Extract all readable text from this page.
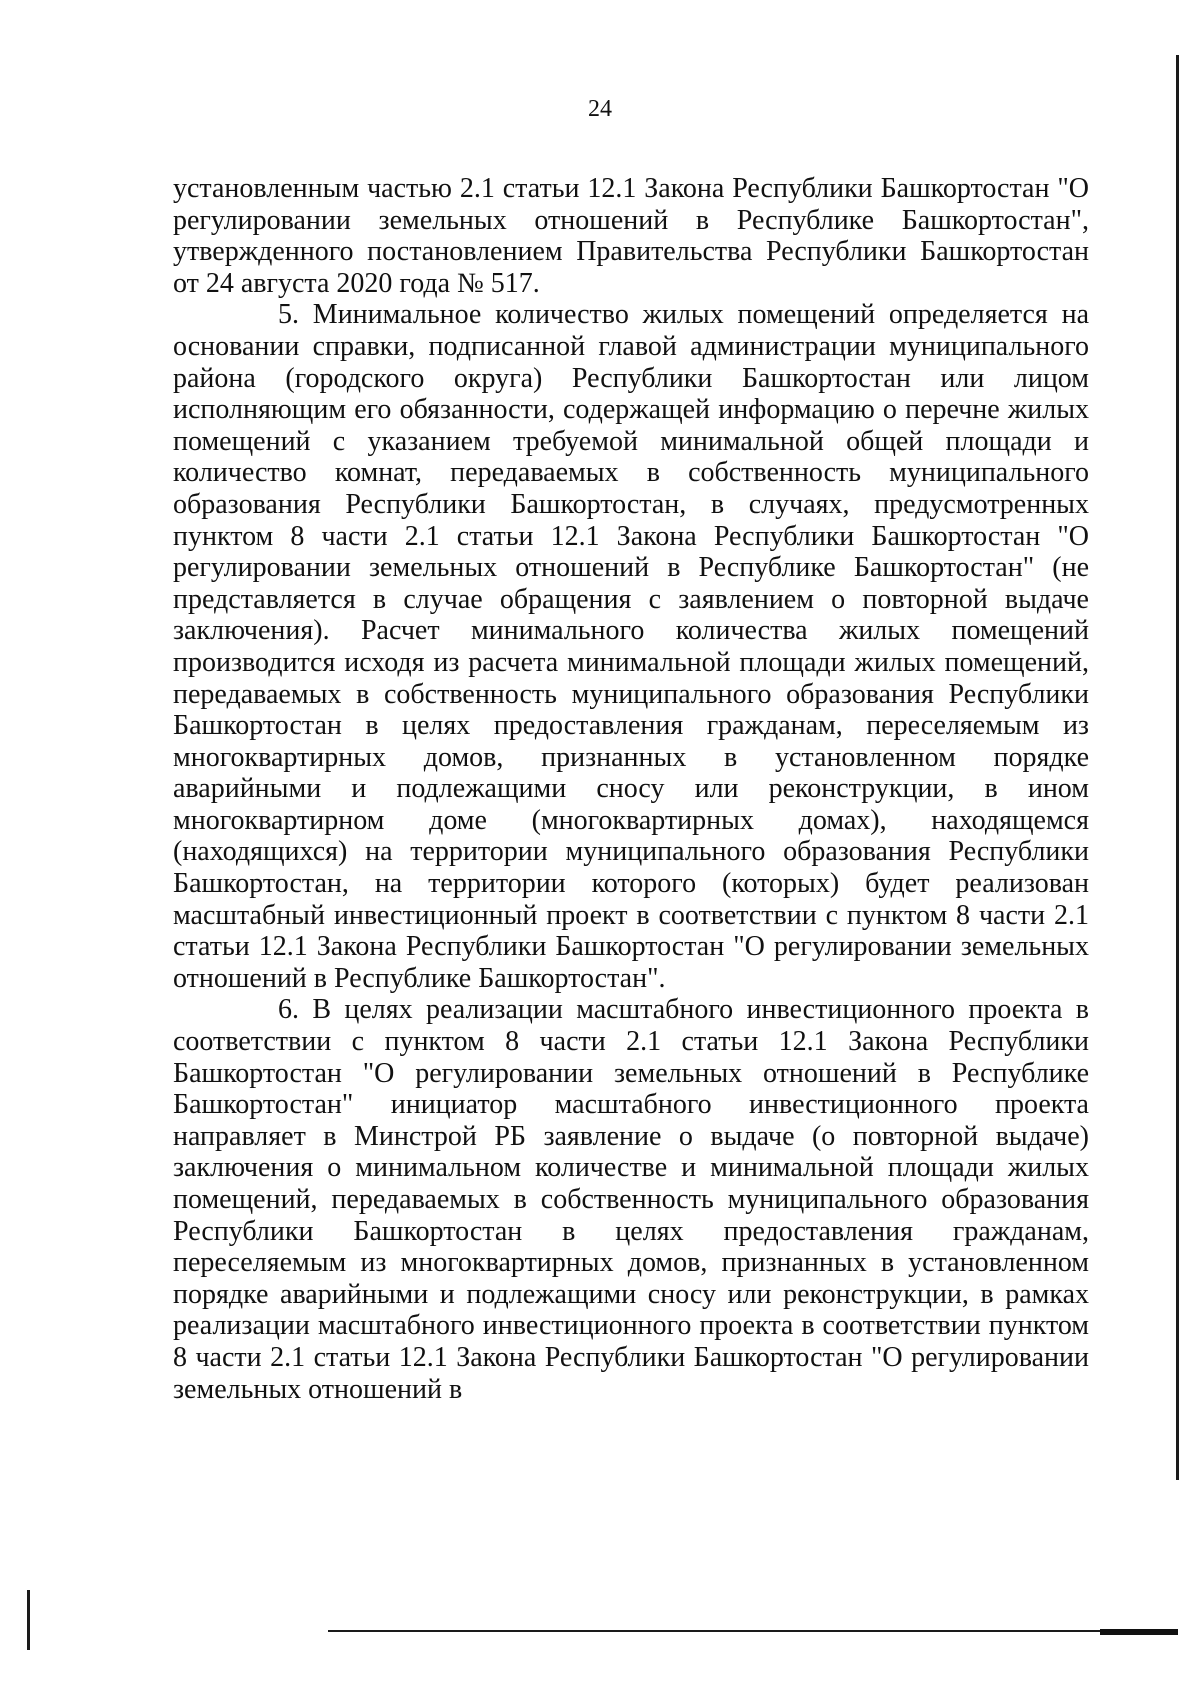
24

установленным частью 2.1 статьи 12.1 Закона Республики Башкортостан "О регулировании земельных отношений в Республике Башкортостан", утвержденного постановлением Правительства Республики Башкортостан от 24 августа 2020 года № 517.

5. Минимальное количество жилых помещений определяется на основании справки, подписанной главой администрации муниципального района (городского округа) Республики Башкортостан или лицом исполняющим его обязанности, содержащей информацию о перечне жилых помещений с указанием требуемой минимальной общей площади и количество комнат, передаваемых в собственность муниципального образования Республики Башкортостан, в случаях, предусмотренных пунктом 8 части 2.1 статьи 12.1 Закона Республики Башкортостан "О регулировании земельных отношений в Республике Башкортостан" (не представляется в случае обращения с заявлением о повторной выдаче заключения). Расчет минимального количества жилых помещений производится исходя из расчета минимальной площади жилых помещений, передаваемых в собственность муниципального образования Республики Башкортостан в целях предоставления гражданам, переселяемым из многоквартирных домов, признанных в установленном порядке аварийными и подлежащими сносу или реконструкции, в ином многоквартирном доме (многоквартирных домах), находящемся (находящихся) на территории муниципального образования Республики Башкортостан, на территории которого (которых) будет реализован масштабный инвестиционный проект в соответствии с пунктом 8 части 2.1 статьи 12.1 Закона Республики Башкортостан "О регулировании земельных отношений в Республике Башкортостан".

6. В целях реализации масштабного инвестиционного проекта в соответствии с пунктом 8 части 2.1 статьи 12.1 Закона Республики Башкортостан "О регулировании земельных отношений в Республике Башкортостан" инициатор масштабного инвестиционного проекта направляет в Минстрой РБ заявление о выдаче (о повторной выдаче) заключения о минимальном количестве и минимальной площади жилых помещений, передаваемых в собственность муниципального образования Республики Башкортостан в целях предоставления гражданам, переселяемым из многоквартирных домов, признанных в установленном порядке аварийными и подлежащими сносу или реконструкции, в рамках реализации масштабного инвестиционного проекта в соответствии пунктом 8 части 2.1 статьи 12.1 Закона Республики Башкортостан "О регулировании земельных отношений в
